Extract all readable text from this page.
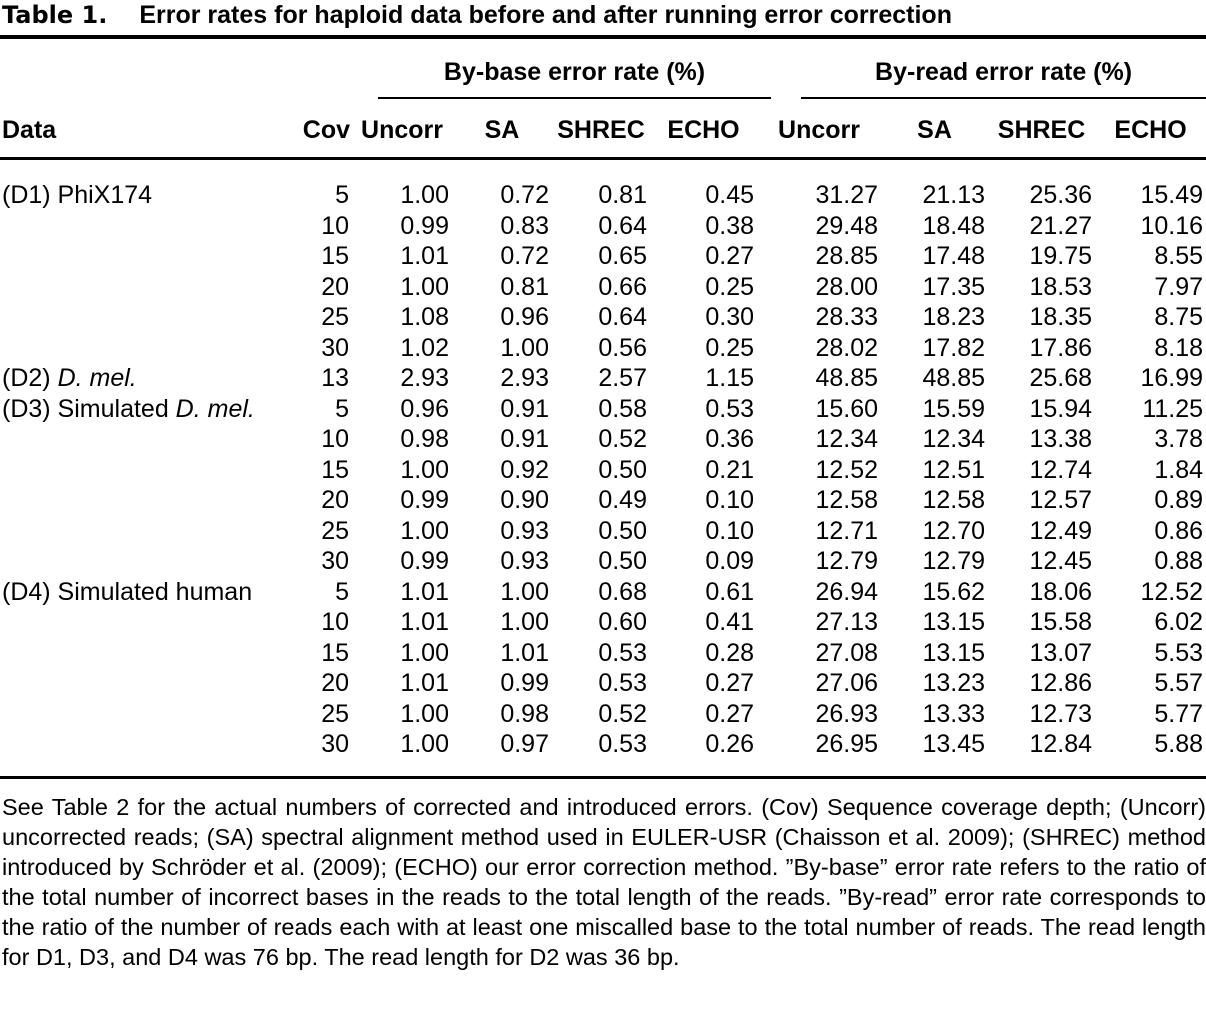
Table 1. Error rates for haploid data before and after running error correction

		By-base error rate (%)				By-read error rate (%)			

Data	Cov	Uncorr	SA	SHREC	ECHO	Uncorr	SA	SHREC	ECHO
(D1) PhiX174	5	1.00	0.72	0.81	0.45	31.27	21.13	25.36	15.49
	10	0.99	0.83	0.64	0.38	29.48	18.48	21.27	10.16
	15	1.01	0.72	0.65	0.27	28.85	17.48	19.75	8.55
	20	1.00	0.81	0.66	0.25	28.00	17.35	18.53	7.97
	25	1.08	0.96	0.64	0.30	28.33	18.23	18.35	8.75
	30	1.02	1.00	0.56	0.25	28.02	17.82	17.86	8.18
(D2) D. mel.	13	2.93	2.93	2.57	1.15	48.85	48.85	25.68	16.99
(D3) Simulated D. mel.	5	0.96	0.91	0.58	0.53	15.60	15.59	15.94	11.25
	10	0.98	0.91	0.52	0.36	12.34	12.34	13.38	3.78
	15	1.00	0.92	0.50	0.21	12.52	12.51	12.74	1.84
	20	0.99	0.90	0.49	0.10	12.58	12.58	12.57	0.89
	25	1.00	0.93	0.50	0.10	12.71	12.70	12.49	0.86
	30	0.99	0.93	0.50	0.09	12.79	12.79	12.45	0.88
(D4) Simulated human	5	1.01	1.00	0.68	0.61	26.94	15.62	18.06	12.52
	10	1.01	1.00	0.60	0.41	27.13	13.15	15.58	6.02
	15	1.00	1.01	0.53	0.28	27.08	13.15	13.07	5.53
	20	1.01	0.99	0.53	0.27	27.06	13.23	12.86	5.57
	25	1.00	0.98	0.52	0.27	26.93	13.33	12.73	5.77
	30	1.00	0.97	0.53	0.26	26.95	13.45	12.84	5.88
See Table 2 for the actual numbers of corrected and introduced errors. (Cov) Sequence coverage depth; (Uncorr) uncorrected reads; (SA) spectral alignment method used in EULER-USR (Chaisson et al. 2009); (SHREC) method introduced by Schröder et al. (2009); (ECHO) our error correction method. ”By-base” error rate refers to the ratio of the total number of incorrect bases in the reads to the total length of the reads. ”By-read” error rate corresponds to the ratio of the number of reads each with at least one miscalled base to the total number of reads. The read length for D1, D3, and D4 was 76 bp. The read length for D2 was 36 bp.
